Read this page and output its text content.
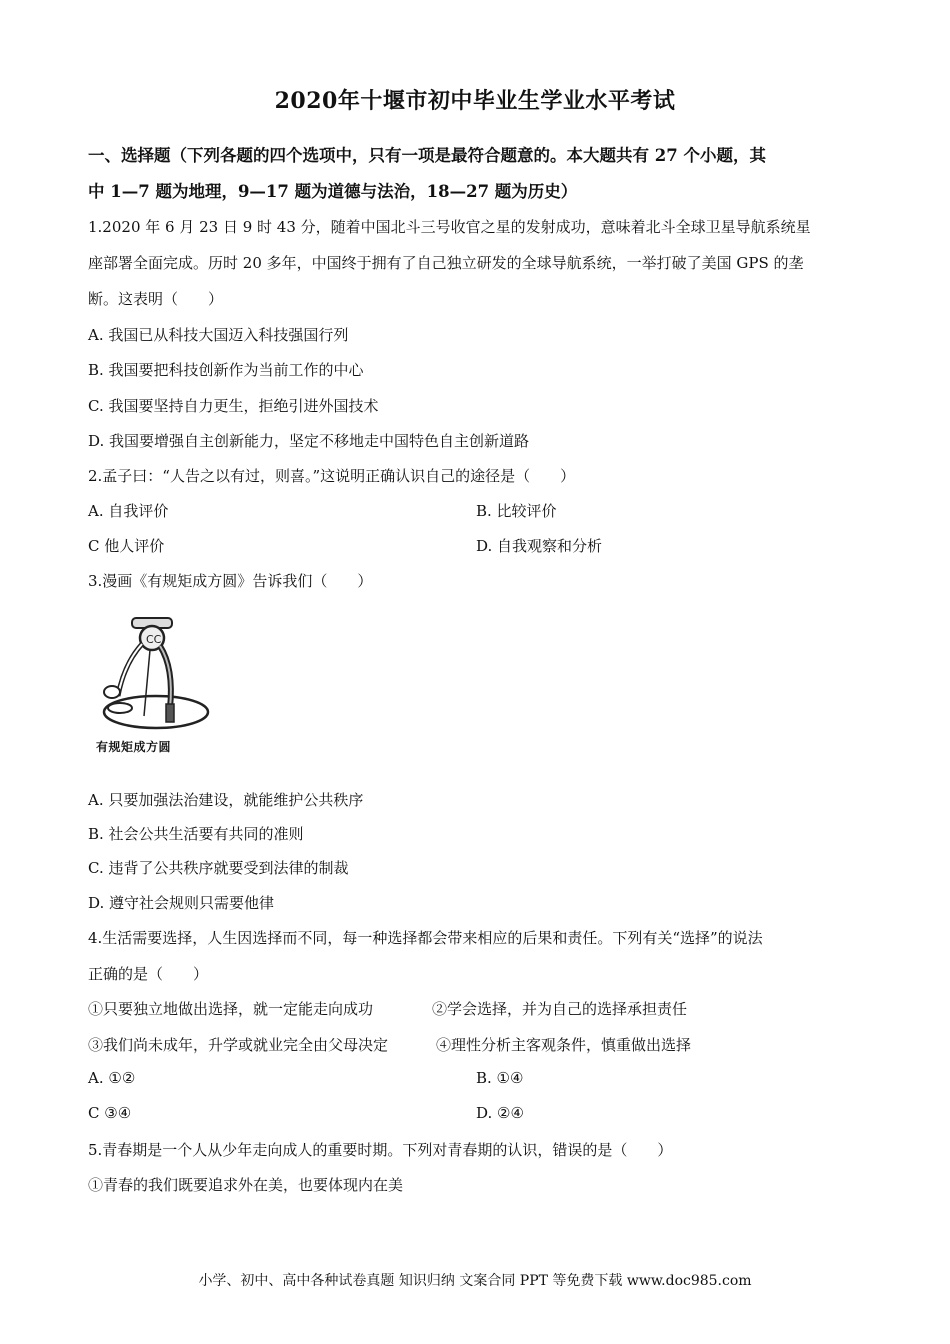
2020年十堰市初中毕业生学业水平考试
一、选择题（下列各题的四个选项中，只有一项是最符合题意的。本大题共有 27 个小题，其
中 1—7 题为地理，9—17 题为道德与法治，18—27 题为历史）
1.2020 年 6 月 23 日 9 时 43 分，随着中国北斗三号收官之星的发射成功，意味着北斗全球卫星导航系统星
座部署全面完成。历时 20 多年，中国终于拥有了自己独立研发的全球导航系统，一举打破了美国 GPS 的垄
断。这表明（　　）
A. 我国已从科技大国迈入科技强国行列
B. 我国要把科技创新作为当前工作的中心
C. 我国要坚持自力更生，拒绝引进外国技术
D. 我国要增强自主创新能力，坚定不移地走中国特色自主创新道路
2.孟子曰：“人告之以有过，则喜。”这说明正确认识自己的途径是（　　）
A. 自我评价	B. 比较评价
C 他人评价	D. 自我观察和分析
3.漫画《有规矩成方圆》告诉我们（　　）
CC
有规矩成方圆
A. 只要加强法治建设，就能维护公共秩序
B. 社会公共生活要有共同的准则
C. 违背了公共秩序就要受到法律的制裁
D. 遵守社会规则只需要他律
4.生活需要选择，人生因选择而不同，每一种选择都会带来相应的后果和责任。下列有关“选择”的说法
正确的是（　　）
①只要独立地做出选择，就一定能走向成功	②学会选择，并为自己的选择承担责任
③我们尚未成年，升学或就业完全由父母决定	④理性分析主客观条件，慎重做出选择
A. ①②	B. ①④
C ③④	D. ②④
5.青春期是一个人从少年走向成人的重要时期。下列对青春期的认识，错误的是（　　）
①青春的我们既要追求外在美，也要体现内在美
小学、初中、高中各种试卷真题 知识归纳 文案合同 PPT 等免费下载 www.doc985.com
